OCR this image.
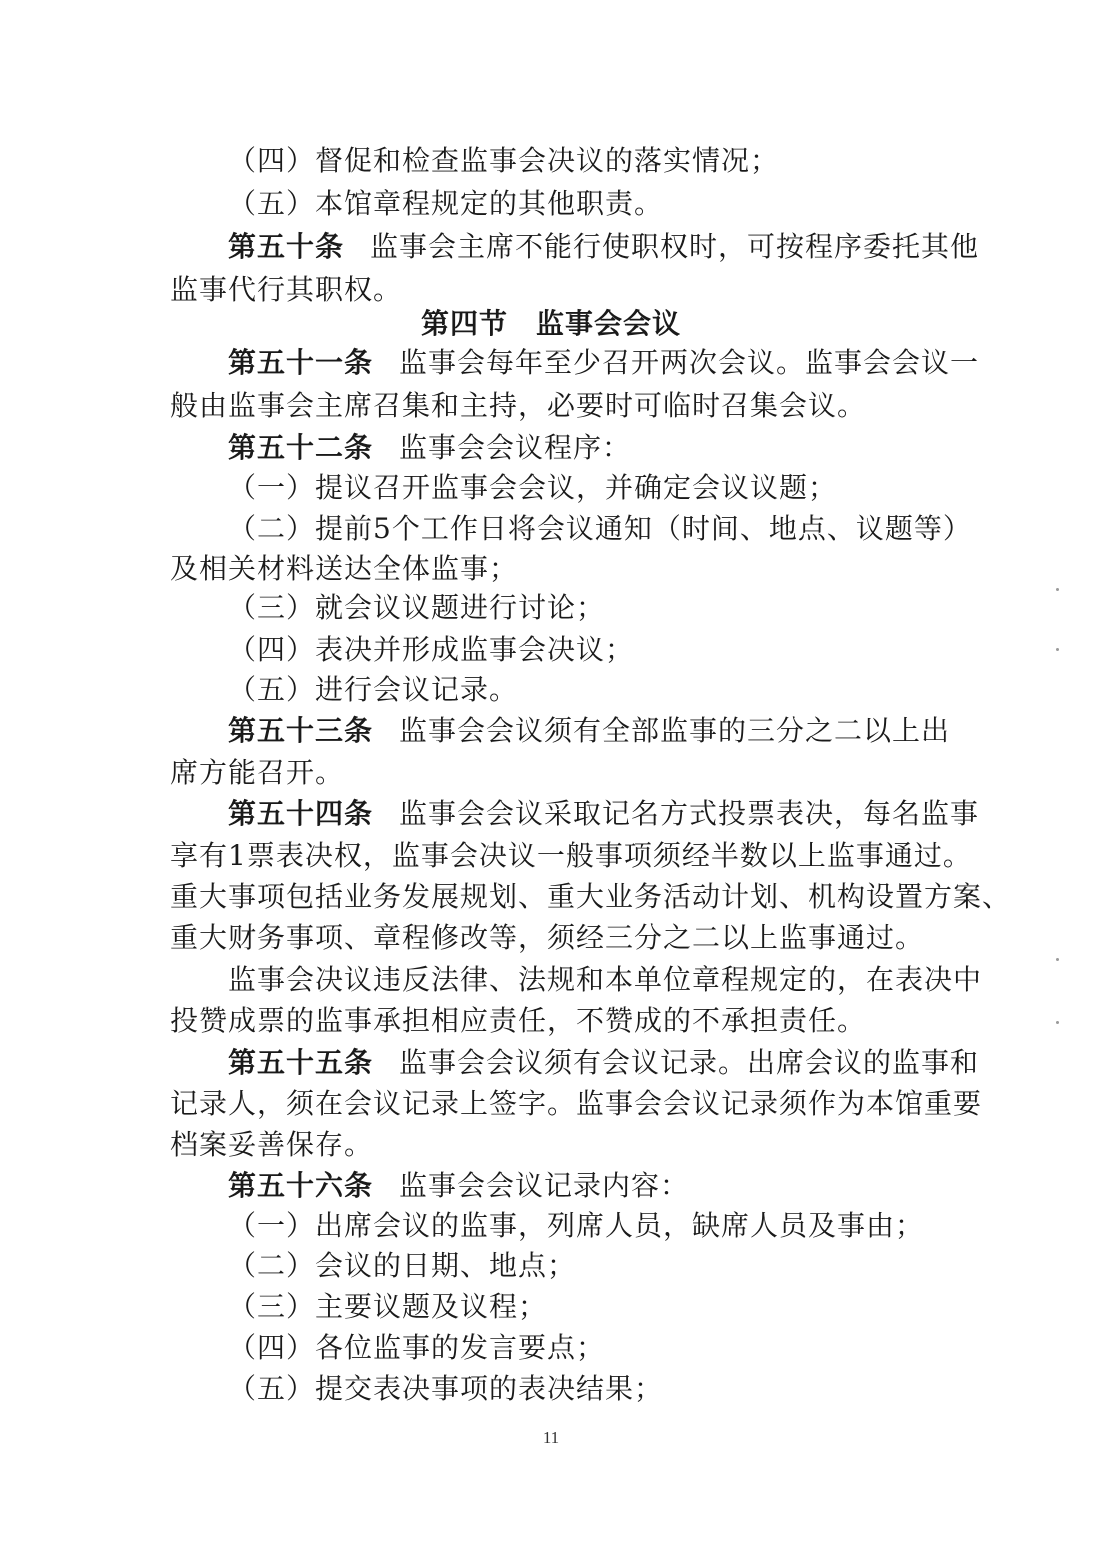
（四）督促和检查监事会决议的落实情况；
（五）本馆章程规定的其他职责。
第五十条 监事会主席不能行使职权时，可按程序委托其他
监事代行其职权。
第四节 监事会会议
第五十一条 监事会每年至少召开两次会议。监事会会议一
般由监事会主席召集和主持，必要时可临时召集会议。
第五十二条 监事会会议程序：
（一）提议召开监事会会议，并确定会议议题；
（二）提前5个工作日将会议通知（时间、地点、议题等）
及相关材料送达全体监事；
（三）就会议议题进行讨论；
（四）表决并形成监事会决议；
（五）进行会议记录。
第五十三条 监事会会议须有全部监事的三分之二以上出
席方能召开。
第五十四条 监事会会议采取记名方式投票表决，每名监事
享有1票表决权，监事会决议一般事项须经半数以上监事通过。
重大事项包括业务发展规划、重大业务活动计划、机构设置方案、
重大财务事项、章程修改等，须经三分之二以上监事通过。
监事会决议违反法律、法规和本单位章程规定的，在表决中
投赞成票的监事承担相应责任，不赞成的不承担责任。
第五十五条 监事会会议须有会议记录。出席会议的监事和
记录人，须在会议记录上签字。监事会会议记录须作为本馆重要
档案妥善保存。
第五十六条 监事会会议记录内容：
（一）出席会议的监事，列席人员，缺席人员及事由；
（二）会议的日期、地点；
（三）主要议题及议程；
（四）各位监事的发言要点；
（五）提交表决事项的表决结果；
11
